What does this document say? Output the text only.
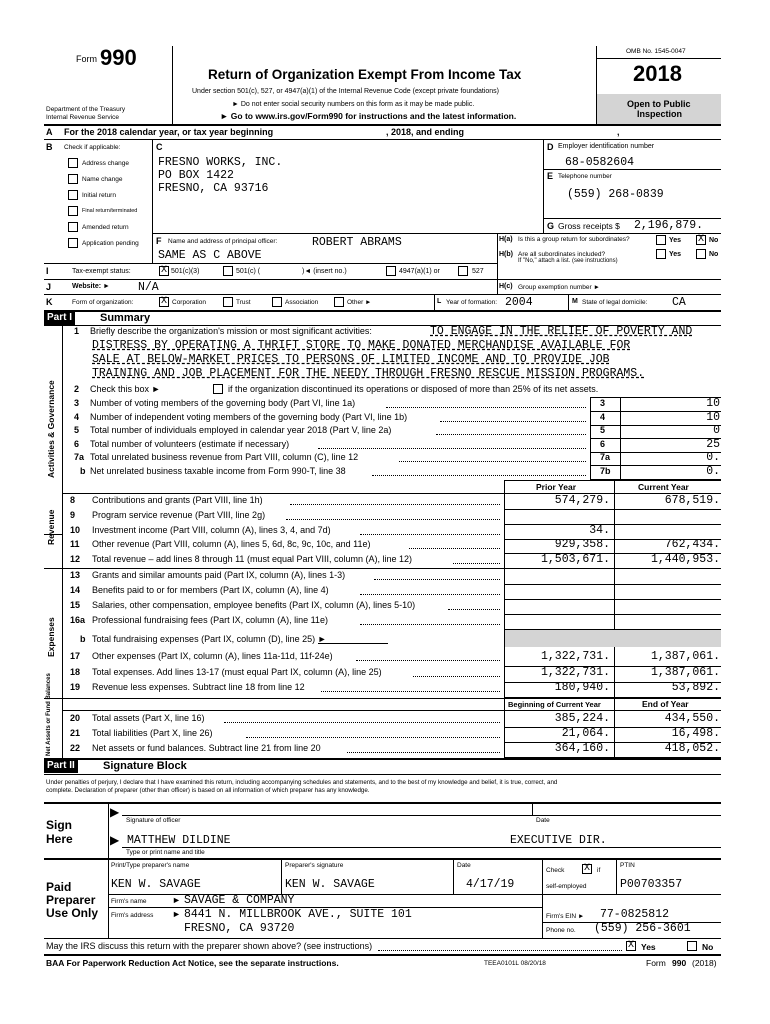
Form 990
Department of the Treasury
Internal Revenue Service
Return of Organization Exempt From Income Tax
Under section 501(c), 527, or 4947(a)(1) of the Internal Revenue Code (except private foundations)
► Do not enter social security numbers on this form as it may be made public.
► Go to www.irs.gov/Form990 for instructions and the latest information.
OMB No. 1545-0047
2018
Open to Public
Inspection
A For the 2018 calendar year, or tax year beginning	, 2018, and ending	,
B Check if applicable:
Address change
Name change
Initial return
Final return/terminated
Amended return
Application pending
C
FRESNO WORKS, INC.
PO BOX 1422
FRESNO, CA 93716
D Employer identification number
68-0582604
E Telephone number
(559) 268-0839
G Gross receipts $ 2,196,879.
F Name and address of principal officer:	ROBERT ABRAMS
SAME AS C ABOVE
H(a) Is this a group return for subordinates?	Yes X No
H(b) Are all subordinates included?
If "No," attach a list. (see instructions)
Yes	No
I	Tax-exempt status:	X 501(c)(3)	501(c) (	)◄ (insert no.)	4947(a)(1) or	527
J	Website: ► N/A	H(c) Group exemption number ►
K	Form of organization:	X Corporation	Trust	Association	Other ►	L Year of formation: 2004	M State of legal domicile: CA
Part I	Summary
Activities & Governance
Revenue
Expenses
Net Assets or Fund Balances
1 Briefly describe the organization's mission or most significant activities:	TO ENGAGE IN THE RELIEF OF POVERTY AND
DISTRESS BY OPERATING A THRIFT STORE TO MAKE DONATED MERCHANDISE AVAILABLE FOR
SALE AT BELOW-MARKET PRICES TO PERSONS OF LIMITED INCOME AND TO PROVIDE JOB
TRAINING AND JOB PLACEMENT FOR THE NEEDY THROUGH FRESNO RESCUE MISSION PROGRAMS.
2 Check this box ►	if the organization discontinued its operations or disposed of more than 25% of its net assets.
3 Number of voting members of the governing body (Part VI, line 1a)	3	10
4 Number of independent voting members of the governing body (Part VI, line 1b)	4	10
5 Total number of individuals employed in calendar year 2018 (Part V, line 2a)	5	0
6 Total number of volunteers (estimate if necessary)	6	25
7a Total unrelated business revenue from Part VIII, column (C), line 12	7a	0.
b Net unrelated business taxable income from Form 990-T, line 38	7b	0.
Prior Year	Current Year
8 Contributions and grants (Part VIII, line 1h)	574,279.	678,519.
9 Program service revenue (Part VIII, line 2g)
10 Investment income (Part VIII, column (A), lines 3, 4, and 7d)	34.
11 Other revenue (Part VIII, column (A), lines 5, 6d, 8c, 9c, 10c, and 11e)	929,358.	762,434.
12 Total revenue – add lines 8 through 11 (must equal Part VIII, column (A), line 12)	1,503,671.	1,440,953.
13 Grants and similar amounts paid (Part IX, column (A), lines 1-3)
14 Benefits paid to or for members (Part IX, column (A), line 4)
15 Salaries, other compensation, employee benefits (Part IX, column (A), lines 5-10)
16a Professional fundraising fees (Part IX, column (A), line 11e)
b Total fundraising expenses (Part IX, column (D), line 25) ►
17 Other expenses (Part IX, column (A), lines 11a-11d, 11f-24e)	1,322,731.	1,387,061.
18 Total expenses. Add lines 13-17 (must equal Part IX, column (A), line 25)	1,322,731.	1,387,061.
19 Revenue less expenses. Subtract line 18 from line 12	180,940.	53,892.
Beginning of Current Year	End of Year
20 Total assets (Part X, line 16)	385,224.	434,550.
21 Total liabilities (Part X, line 26)	21,064.	16,498.
22 Net assets or fund balances. Subtract line 21 from line 20	364,160.	418,052.
Part II	Signature Block
Under penalties of perjury, I declare that I have examined this return, including accompanying schedules and statements, and to the best of my knowledge and belief, it is true, correct, and
complete. Declaration of preparer (other than officer) is based on all information of which preparer has any knowledge.
Sign
Here
▶
Signature of officer	Date
▶ MATTHEW DILDINE	EXECUTIVE DIR.
Type or print name and title
Paid
Preparer
Use Only
Print/Type preparer's name	Preparer's signature	Date
Check X	if
self-employed
PTIN
KEN W. SAVAGE	KEN W. SAVAGE	4/17/19	P00703357
Firm's name	► SAVAGE & COMPANY
Firm's EIN ► 77-0825812
Firm's address ► 8441 N. MILLBROOK AVE., SUITE 101
FRESNO, CA 93720	Phone no. (559) 256-3601
May the IRS discuss this return with the preparer shown above? (see instructions)	X Yes	No
BAA For Paperwork Reduction Act Notice, see the separate instructions.	TEEA0101L 08/20/18	Form 990 (2018)
